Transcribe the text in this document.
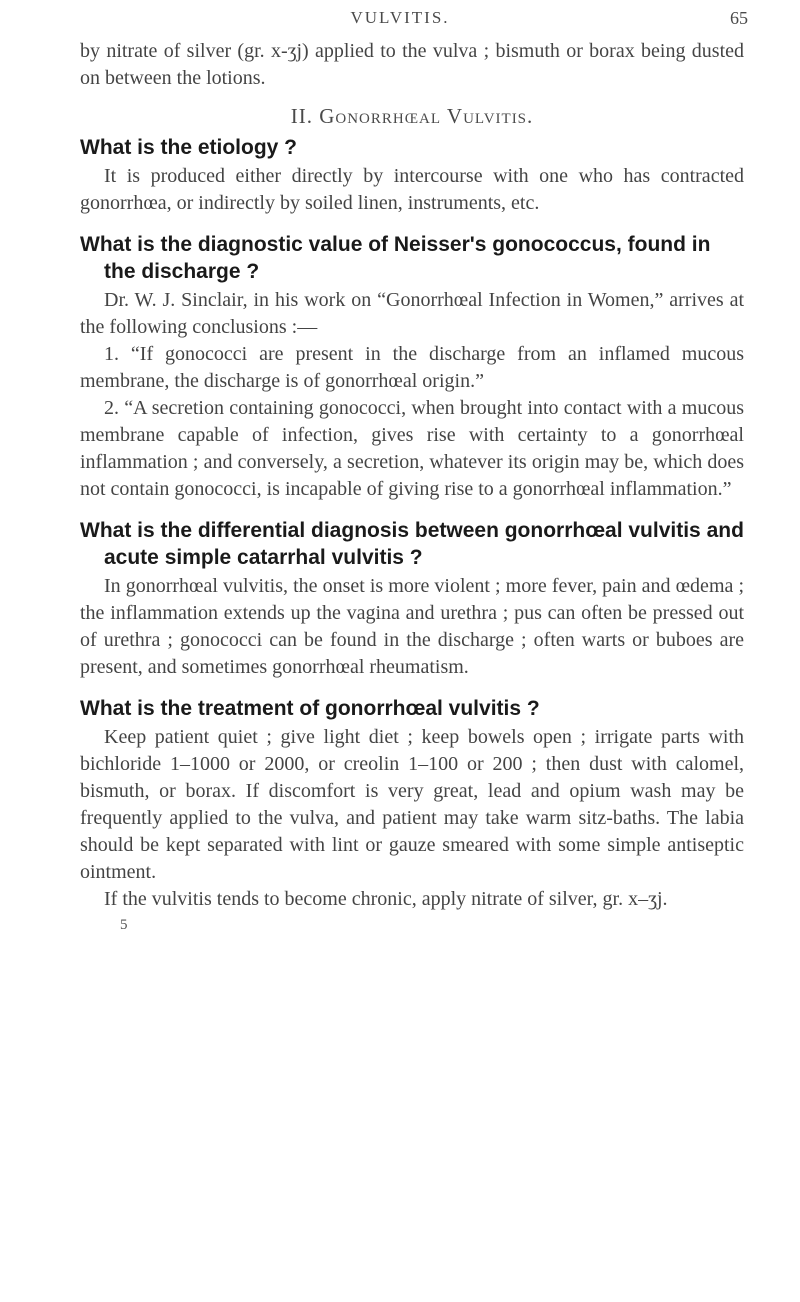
VULVITIS.	65

by nitrate of silver (gr. x-ʒj) applied to the vulva ; bismuth or borax being dusted on between the lotions.

II. Gonorrhœal Vulvitis.
What is the etiology ?

It is produced either directly by intercourse with one who has contracted gonorrhœa, or indirectly by soiled linen, instruments, etc.

What is the diagnostic value of Neisser's gonococcus, found in the discharge ?

Dr. W. J. Sinclair, in his work on “Gonorrhœal Infection in Women,” arrives at the following conclusions :—

1. “If gonococci are present in the discharge from an inflamed mucous membrane, the discharge is of gonorrhœal origin.”

2. “A secretion containing gonococci, when brought into contact with a mucous membrane capable of infection, gives rise with certainty to a gonorrhœal inflammation ; and conversely, a secretion, whatever its origin may be, which does not contain gonococci, is incapable of giving rise to a gonorrhœal inflammation.”

What is the differential diagnosis between gonorrhœal vulvitis and acute simple catarrhal vulvitis ?

In gonorrhœal vulvitis, the onset is more violent ; more fever, pain and œdema ; the inflammation extends up the vagina and urethra ; pus can often be pressed out of urethra ; gonococci can be found in the discharge ; often warts or buboes are present, and sometimes gonorrhœal rheumatism.

What is the treatment of gonorrhœal vulvitis ?

Keep patient quiet ; give light diet ; keep bowels open ; irrigate parts with bichloride 1–1000 or 2000, or creolin 1–100 or 200 ; then dust with calomel, bismuth, or borax. If discomfort is very great, lead and opium wash may be frequently applied to the vulva, and patient may take warm sitz-baths. The labia should be kept separated with lint or gauze smeared with some simple antiseptic ointment.

If the vulvitis tends to become chronic, apply nitrate of silver, gr. x–ʒj.

5
